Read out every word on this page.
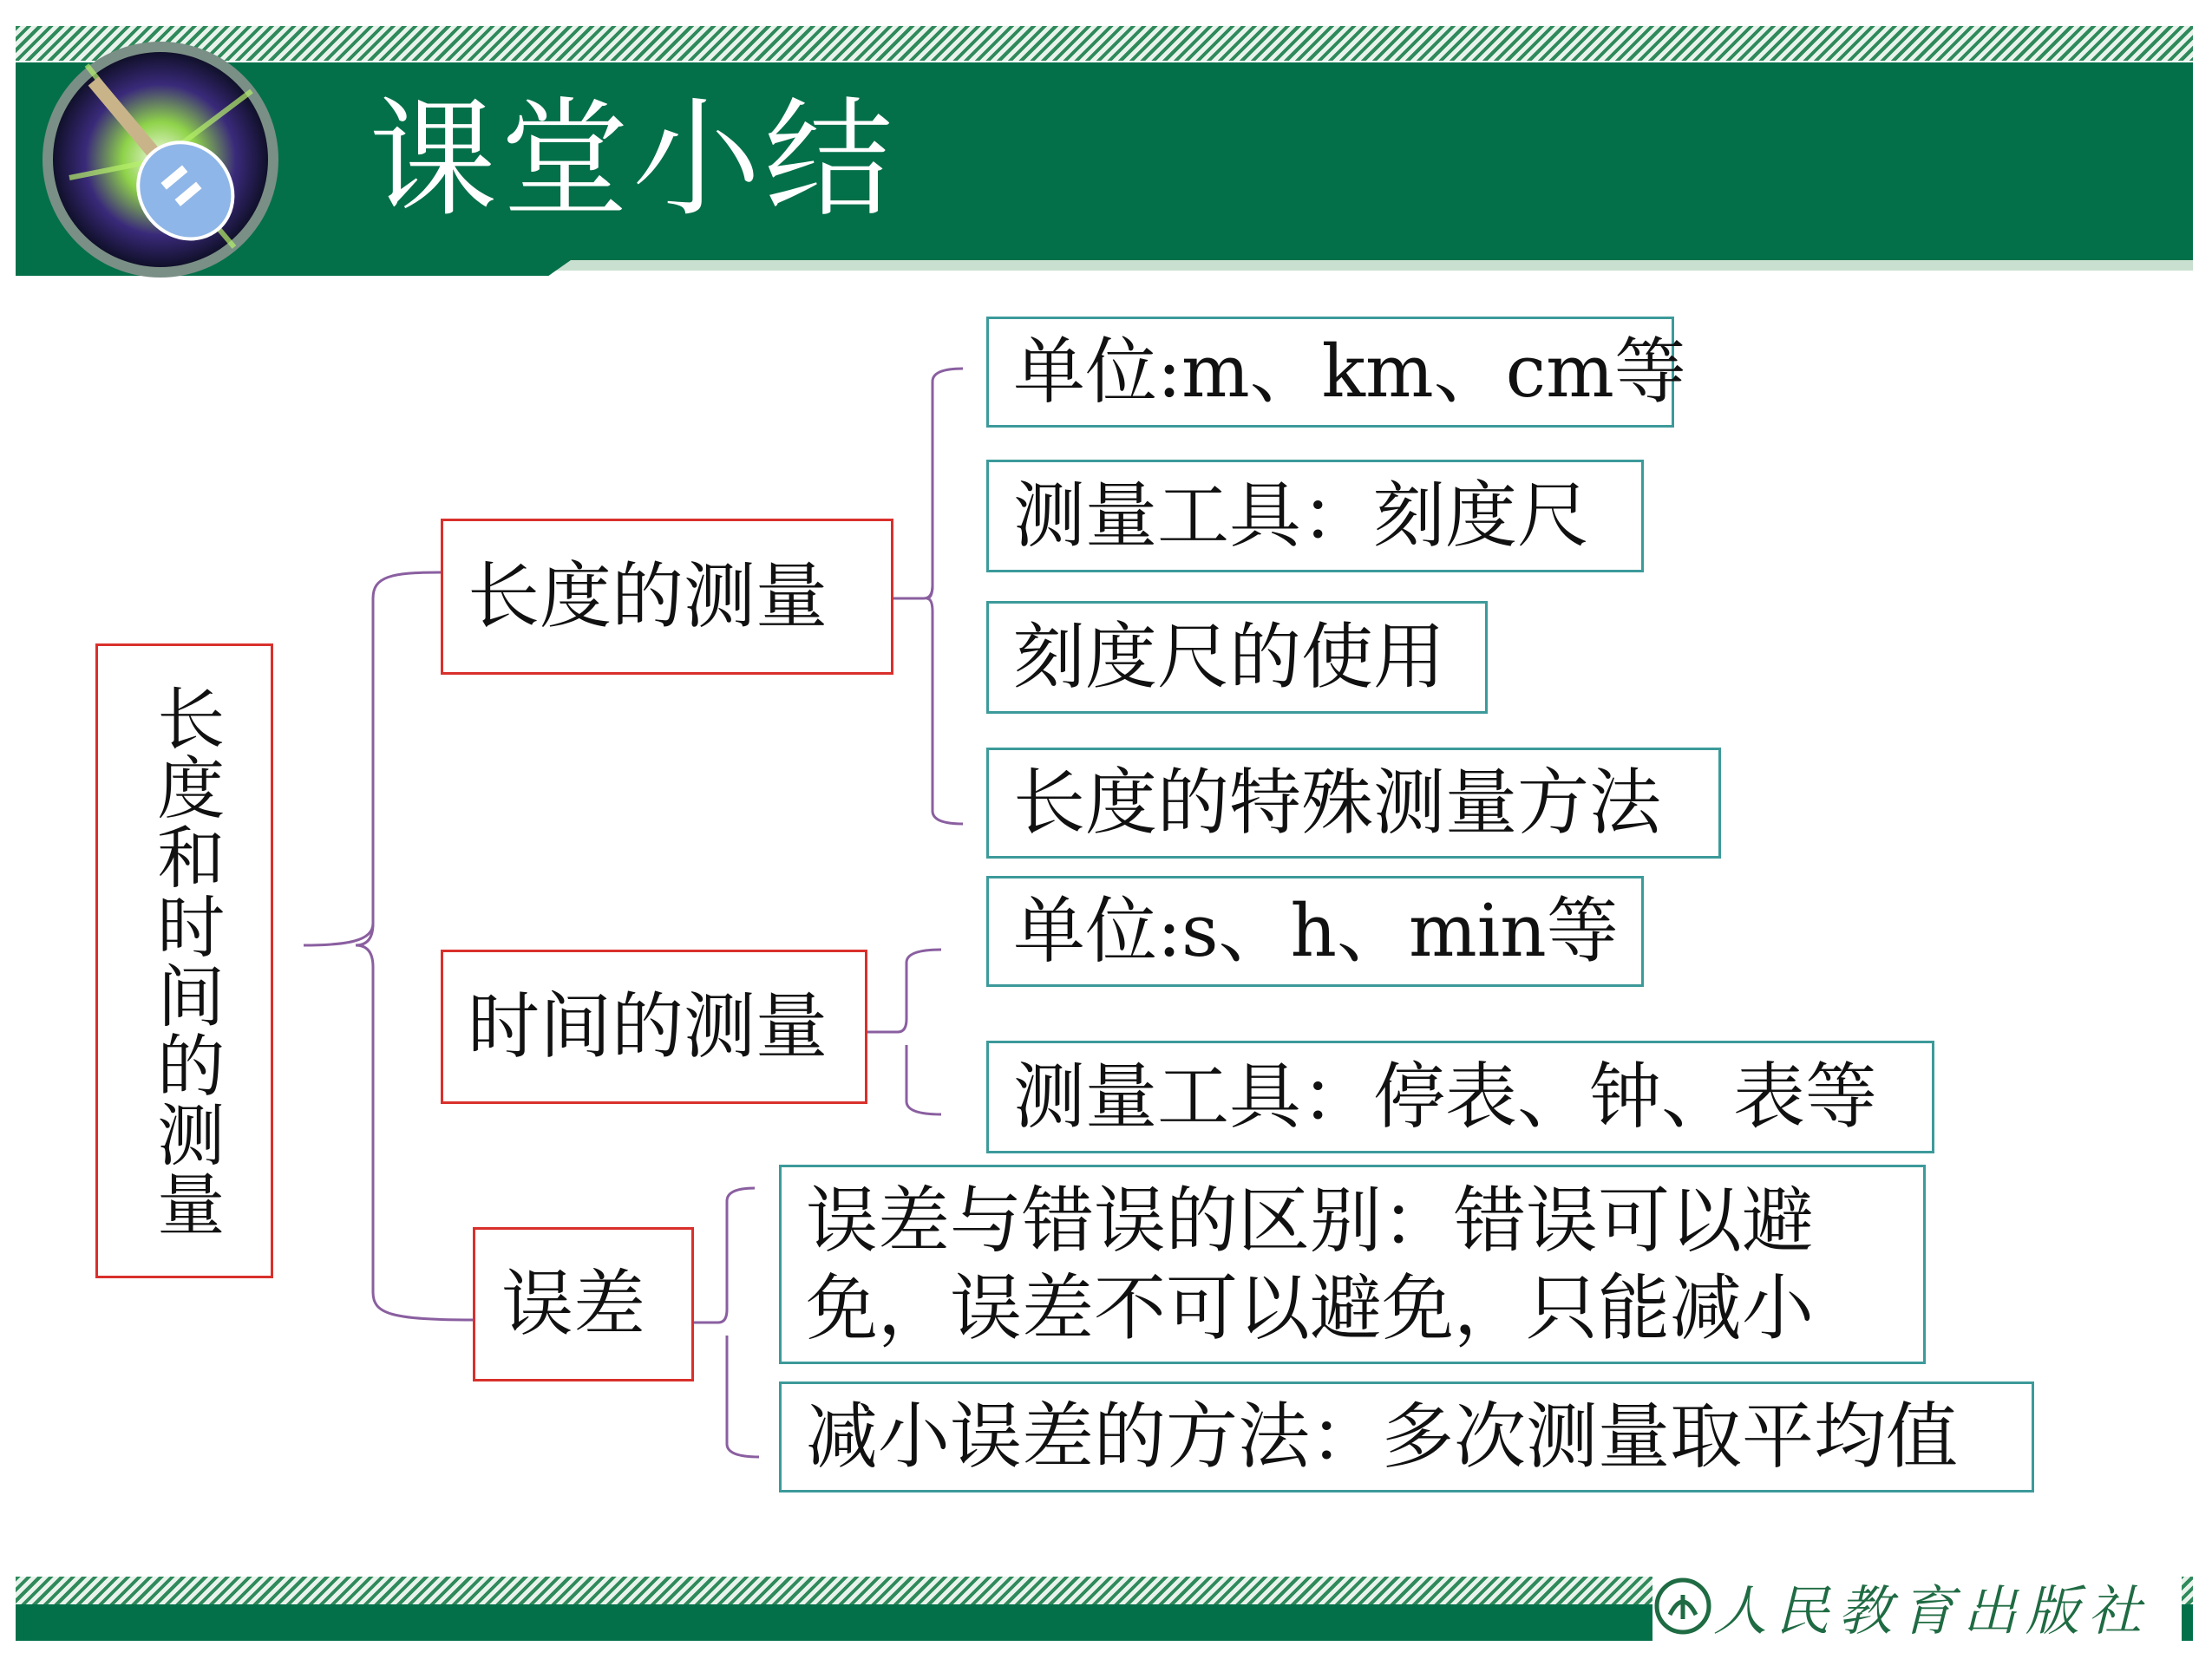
课堂小结
长度和时间的测量
长度的测量
时间的测量
误差
单位:m、km、cm等
测量工具：刻度尺
刻度尺的使用
长度的特殊测量方法
单位:s、h、min等
测量工具：停表、钟、表等
误差与错误的区别：错误可以避免，误差不可以避免，只能减小
减小误差的方法：多次测量取平均值
人民教育出版社
